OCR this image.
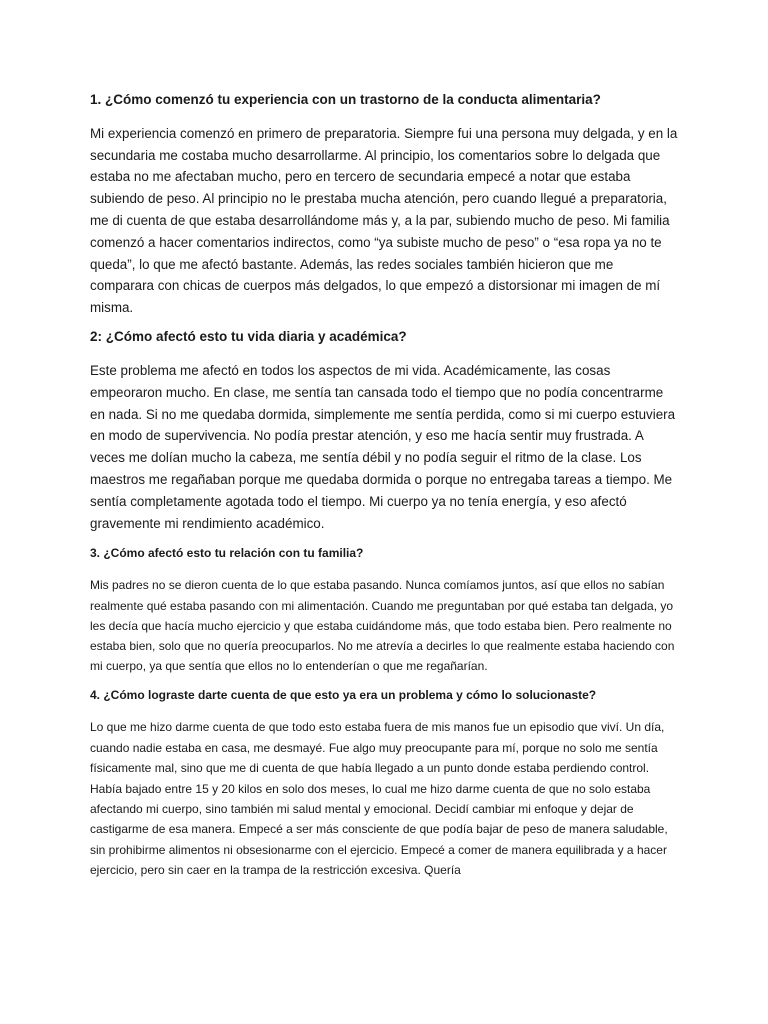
1. ¿Cómo comenzó tu experiencia con un trastorno de la conducta alimentaria?

Mi experiencia comenzó en primero de preparatoria. Siempre fui una persona muy delgada, y en la secundaria me costaba mucho desarrollarme. Al principio, los comentarios sobre lo delgada que estaba no me afectaban mucho, pero en tercero de secundaria empecé a notar que estaba subiendo de peso. Al principio no le prestaba mucha atención, pero cuando llegué a preparatoria, me di cuenta de que estaba desarrollándome más y, a la par, subiendo mucho de peso. Mi familia comenzó a hacer comentarios indirectos, como “ya subiste mucho de peso” o “esa ropa ya no te queda”, lo que me afectó bastante. Además, las redes sociales también hicieron que me comparara con chicas de cuerpos más delgados, lo que empezó a distorsionar mi imagen de mí misma.

2: ¿Cómo afectó esto tu vida diaria y académica?

Este problema me afectó en todos los aspectos de mi vida. Académicamente, las cosas empeoraron mucho. En clase, me sentía tan cansada todo el tiempo que no podía concentrarme en nada. Si no me quedaba dormida, simplemente me sentía perdida, como si mi cuerpo estuviera en modo de supervivencia. No podía prestar atención, y eso me hacía sentir muy frustrada. A veces me dolían mucho la cabeza, me sentía débil y no podía seguir el ritmo de la clase. Los maestros me regañaban porque me quedaba dormida o porque no entregaba tareas a tiempo. Me sentía completamente agotada todo el tiempo. Mi cuerpo ya no tenía energía, y eso afectó gravemente mi rendimiento académico.

3. ¿Cómo afectó esto tu relación con tu familia?

Mis padres no se dieron cuenta de lo que estaba pasando. Nunca comíamos juntos, así que ellos no sabían realmente qué estaba pasando con mi alimentación. Cuando me preguntaban por qué estaba tan delgada, yo les decía que hacía mucho ejercicio y que estaba cuidándome más, que todo estaba bien. Pero realmente no estaba bien, solo que no quería preocuparlos. No me atrevía a decirles lo que realmente estaba haciendo con mi cuerpo, ya que sentía que ellos no lo entenderían o que me regañarían.

4. ¿Cómo lograste darte cuenta de que esto ya era un problema y cómo lo solucionaste?

Lo que me hizo darme cuenta de que todo esto estaba fuera de mis manos fue un episodio que viví. Un día, cuando nadie estaba en casa, me desmayé. Fue algo muy preocupante para mí, porque no solo me sentía físicamente mal, sino que me di cuenta de que había llegado a un punto donde estaba perdiendo control. Había bajado entre 15 y 20 kilos en solo dos meses, lo cual me hizo darme cuenta de que no solo estaba afectando mi cuerpo, sino también mi salud mental y emocional. Decidí cambiar mi enfoque y dejar de castigarme de esa manera. Empecé a ser más consciente de que podía bajar de peso de manera saludable, sin prohibirme alimentos ni obsesionarme con el ejercicio. Empecé a comer de manera equilibrada y a hacer ejercicio, pero sin caer en la trampa de la restricción excesiva. Quería
